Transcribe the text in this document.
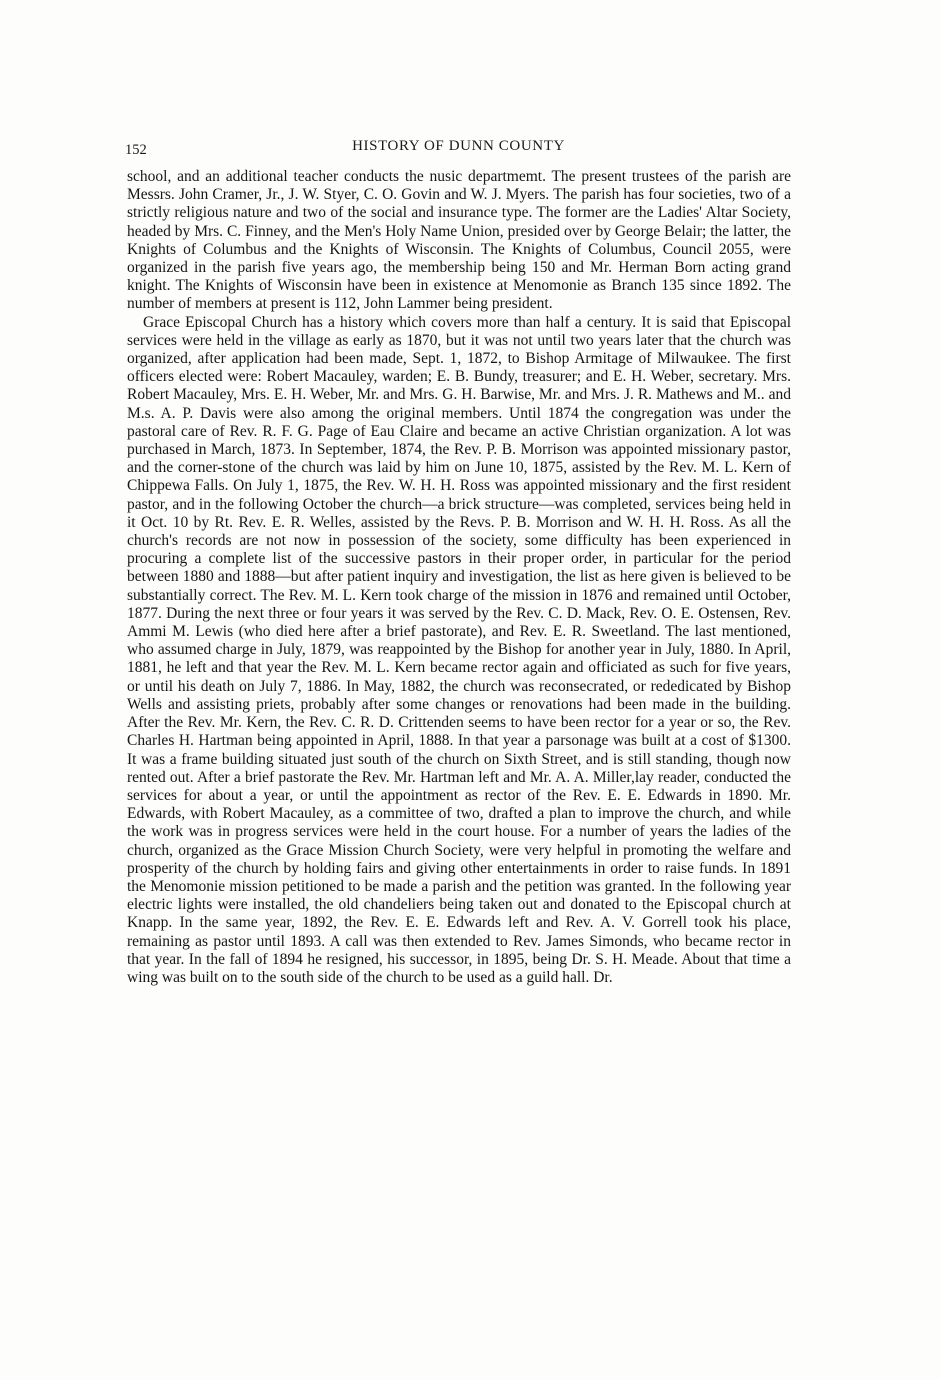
152	HISTORY OF DUNN COUNTY

school, and an additional teacher conducts the nusic departmemt. The present trustees of the parish are Messrs. John Cramer, Jr., J. W. Styer, C. O. Govin and W. J. Myers. The parish has four societies, two of a strictly religious nature and two of the social and insurance type. The former are the Ladies' Altar Society, headed by Mrs. C. Finney, and the Men's Holy Name Union, presided over by George Belair; the latter, the Knights of Columbus and the Knights of Wisconsin. The Knights of Columbus, Council 2055, were organized in the parish five years ago, the membership being 150 and Mr. Herman Born acting grand knight. The Knights of Wisconsin have been in existence at Menomonie as Branch 135 since 1892. The number of members at present is 112, John Lammer being president.

Grace Episcopal Church has a history which covers more than half a century. It is said that Episcopal services were held in the village as early as 1870, but it was not until two years later that the church was organized, after application had been made, Sept. 1, 1872, to Bishop Armitage of Milwaukee. The first officers elected were: Robert Macauley, warden; E. B. Bundy, treasurer; and E. H. Weber, secretary. Mrs. Robert Macauley, Mrs. E. H. Weber, Mr. and Mrs. G. H. Barwise, Mr. and Mrs. J. R. Mathews and M.. and M.s. A. P. Davis were also among the original members. Until 1874 the congregation was under the pastoral care of Rev. R. F. G. Page of Eau Claire and became an active Christian organization. A lot was purchased in March, 1873. In September, 1874, the Rev. P. B. Morrison was appointed missionary pastor, and the corner-stone of the church was laid by him on June 10, 1875, assisted by the Rev. M. L. Kern of Chippewa Falls. On July 1, 1875, the Rev. W. H. H. Ross was appointed missionary and the first resident pastor, and in the following October the church—a brick structure—was completed, services being held in it Oct. 10 by Rt. Rev. E. R. Welles, assisted by the Revs. P. B. Morrison and W. H. H. Ross. As all the church's records are not now in possession of the society, some difficulty has been experienced in procuring a complete list of the successive pastors in their proper order, in particular for the period between 1880 and 1888—but after patient inquiry and investigation, the list as here given is believed to be substantially correct. The Rev. M. L. Kern took charge of the mission in 1876 and remained until October, 1877. During the next three or four years it was served by the Rev. C. D. Mack, Rev. O. E. Ostensen, Rev. Ammi M. Lewis (who died here after a brief pastorate), and Rev. E. R. Sweetland. The last mentioned, who assumed charge in July, 1879, was reappointed by the Bishop for another year in July, 1880. In April, 1881, he left and that year the Rev. M. L. Kern became rector again and officiated as such for five years, or until his death on July 7, 1886. In May, 1882, the church was reconsecrated, or rededicated by Bishop Wells and assisting priets, probably after some changes or renovations had been made in the building. After the Rev. Mr. Kern, the Rev. C. R. D. Crittenden seems to have been rector for a year or so, the Rev. Charles H. Hartman being appointed in April, 1888. In that year a parsonage was built at a cost of $1300. It was a frame building situated just south of the church on Sixth Street, and is still standing, though now rented out. After a brief pastorate the Rev. Mr. Hartman left and Mr. A. A. Miller,lay reader, conducted the services for about a year, or until the appointment as rector of the Rev. E. E. Edwards in 1890. Mr. Edwards, with Robert Macauley, as a committee of two, drafted a plan to improve the church, and while the work was in progress services were held in the court house. For a number of years the ladies of the church, organized as the Grace Mission Church Society, were very helpful in promoting the welfare and prosperity of the church by holding fairs and giving other entertainments in order to raise funds. In 1891 the Menomonie mission petitioned to be made a parish and the petition was granted. In the following year electric lights were installed, the old chandeliers being taken out and donated to the Episcopal church at Knapp. In the same year, 1892, the Rev. E. E. Edwards left and Rev. A. V. Gorrell took his place, remaining as pastor until 1893. A call was then extended to Rev. James Simonds, who became rector in that year. In the fall of 1894 he resigned, his successor, in 1895, being Dr. S. H. Meade. About that time a wing was built on to the south side of the church to be used as a guild hall. Dr.
